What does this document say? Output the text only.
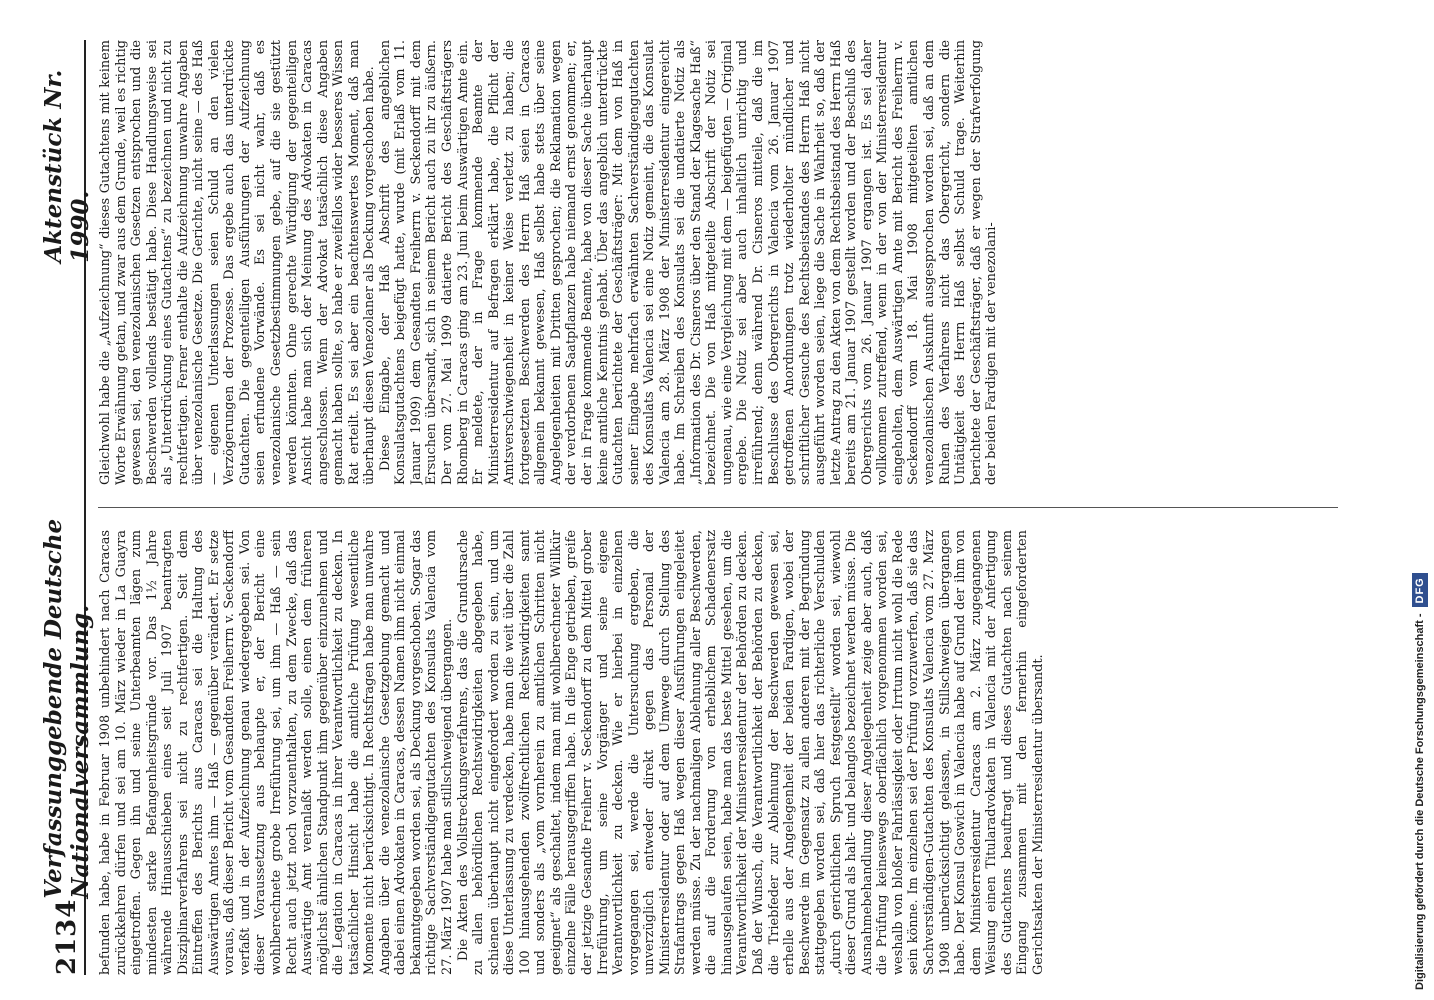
2134
Verfassunggebende Deutsche Nationalversammlung.
Aktenstück Nr. 1990.

befunden habe, habe in Februar 1908 unbehindert nach Caracas zurückkehren dürfen und sei am 10. März wieder in La Guayra eingetroffen. Gegen ihn und seine Unterbeamten lägen zum mindesten starke Befangenheitsgründe vor. Das 1½ Jahre währende Hinausschieben eines seit Juli 1907 beantragten Disziplinarverfahrens sei nicht zu rechtfertigen. Seit dem Eintreffen des Berichts aus Caracas sei die Haltung des Auswärtigen Amtes ihm — Haß — gegenüber verändert. Er setze voraus, daß dieser Bericht vom Gesandten Freiherrn v. Seckendorff verfaßt und in der Aufzeichnung genau wiedergegeben sei. Von dieser Voraussetzung aus behaupte er, der Bericht eine wohlberechnete grobe Irreführung sei, um ihm — Haß — sein Recht auch jetzt noch vorzuenthalten, zu dem Zwecke, daß das Auswärtige Amt veranlaßt werden solle, einen dem früheren möglichst ähnlichen Standpunkt ihm gegenüber einzunehmen und die Legation in Caracas in ihrer Verantwortlichkeit zu decken. In tatsächlicher Hinsicht habe die amtliche Prüfung wesentliche Momente nicht berücksichtigt. In Rechtsfragen habe man unwahre Angaben über die venezolanische Gesetzgebung gemacht und dabei einen Advokaten in Caracas, dessen Namen ihm nicht einmal bekanntgegeben worden sei, als Deckung vorgeschoben. Sogar das richtige Sachverständigengutachten des Konsulats Valencia vom 27. März 1907 habe man stillschweigend übergangen. Die Akten des Vollstreckungsverfahrens, das die Grundursache zu allen behördlichen Rechtswidrigkeiten abgegeben habe, schienen überhaupt nicht eingefordert worden zu sein, und um diese Unterlassung zu verdecken, habe man die weit über die Zahl 100 hinausgehenden zwölfrechtlichen Rechtswidrigkeiten samt und sonders als „vom vornherein zu amtlichen Schritten nicht geeignet“ als geschaltet, indem man mit wohlberechneter Willkür einzelne Fälle herausgegriffen habe. In die Enge getrieben, greife der jetzige Gesandte Freiherr v. Seckendorff zu dem Mittel grober Irreführung, um seine Vorgänger und seine eigene Verantwortlichkeit zu decken. Wie er hierbei in einzelnen vorgegangen sei, werde die Untersuchung ergeben, die unverzüglich entweder direkt gegen das Personal der Ministerresidentur oder auf dem Umwege durch Stellung des Strafantrags gegen Haß wegen dieser Ausführungen eingeleitet werden müsse. Zu der nachmaligen Ablehnung aller Beschwerden, die auf die Forderung von erheblichem Schadenersatz hinausgelaufen seien, habe man das beste Mittel gesehen, um die Verantwortlichkeit der Ministerresidentur der Behörden zu decken. Daß der Wunsch, die Verantwortlichkeit der Behörden zu decken, die Triebfeder zur Ablehnung der Beschwerden gewesen sei, erhelle aus der Angelegenheit der beiden Fardigen, wobei der Beschwerde im Gegensatz zu allen anderen mit der Begründung stattgegeben worden sei, daß hier das richterliche Verschulden „durch gerichtlichen Spruch festgestellt“ worden sei, wiewohl dieser Grund als halt- und belanglos bezeichnet werden müsse. Die Ausnahmebehandlung dieser Angelegenheit zeige aber auch, daß die Prüfung keineswegs oberflächlich vorgenommen worden sei, weshalb von bloßer Fahrlässigkeit oder Irrtum nicht wohl die Rede sein könne. Im einzelnen sei der Prüfung vorzuwerfen, daß sie das Sachverständigen-Gutachten des Konsulats Valencia vom 27. März 1908 unberücksichtigt gelassen, in Stillschweigen übergangen habe. Der Konsul Goswich in Valencia habe auf Grund der ihm von dem Ministerresidentur Caracas am 2. März zugegangenen Weisung einen Titularadvokaten in Valencia mit der Anfertigung des Gutachtens beauftragt und dieses Gutachten nach seinem Eingang zusammen mit den fernerhin eingeforderten Gerichtsakten der Ministerresidentur übersandt.

Gleichwohl habe die „Aufzeichnung“ dieses Gutachtens mit keinem Worte Erwähnung getan, und zwar aus dem Grunde, weil es richtig gewesen sei, den venezolanischen Gesetzen entsprochen und die Beschwerden vollends bestätigt habe. Diese Handlungsweise sei als „Unterdrückung eines Gutachtens“ zu bezeichnen und nicht zu rechtfertigen. Ferner enthalte die Aufzeichnung unwahre Angaben über venezolanische Gesetze. Die Gerichte, nicht seine — des Haß — eigenen Unterlassungen seien Schuld an den vielen Verzögerungen der Prozesse. Das ergebe auch das unterdrückte Gutachten. Die gegenteiligen Ausführungen der Aufzeichnung seien erfundene Vorwände. Es sei nicht wahr, daß es venezolanische Gesetzbestimmungen gebe, auf die sie gestützt werden könnten. Ohne gerechte Würdigung der gegenteiligen Ansicht habe man sich der Meinung des Advokaten in Caracas angeschlossen. Wenn der Advokat tatsächlich diese Angaben gemacht haben sollte, so habe er zweifellos wider besseres Wissen Rat erteilt. Es sei aber ein beachtenswertes Moment, daß man überhaupt diesen Venezolaner als Deckung vorgeschoben habe. Diese Eingabe, der Haß Abschrift des angeblichen Konsulatsgutachtens beigefügt hatte, wurde (mit Erlaß vom 11. Januar 1909) dem Gesandten Freiherrn v. Seckendorff mit dem Ersuchen übersandt, sich in seinem Bericht auch zu ihr zu äußern. Der vom 27. Mai 1909 datierte Bericht des Geschäftsträgers Rhomberg in Caracas ging am 23. Juni beim Auswärtigen Amte ein. Er meldete, der in Frage kommende Beamte der Ministerresidentur auf Befragen erklärt habe, die Pflicht der Amtsverschwiegenheit in keiner Weise verletzt zu haben; die fortgesetzten Beschwerden des Herrn Haß seien in Caracas allgemein bekannt gewesen, Haß selbst habe stets über seine Angelegenheiten mit Dritten gesprochen; die Reklamation wegen der verdorbenen Saatpflanzen habe niemand ernst genommen; er, der in Frage kommende Beamte, habe von dieser Sache überhaupt keine amtliche Kenntnis gehabt. Über das angeblich unterdrückte Gutachten berichtete der Geschäftsträger: Mit dem von Haß in seiner Eingabe mehrfach erwähnten Sachverständigengutachten des Konsulats Valencia sei eine Notiz gemeint, die das Konsulat Valencia am 28. März 1908 der Ministerresidentur eingereicht habe. Im Schreiben des Konsulats sei die undatierte Notiz als „Information des Dr. Cisneros über den Stand der Klagesache Haß“ bezeichnet. Die von Haß mitgeteilte Abschrift der Notiz sei ungenau, wie eine Vergleichung mit dem — beigefügten — Original ergebe. Die Notiz sei aber auch inhaltlich unrichtig und irreführend; denn während Dr. Cisneros mitteile, daß die im Beschlusse des Obergerichts in Valencia vom 26. Januar 1907 getroffenen Anordnungen trotz wiederholter mündlicher und schriftlicher Gesuche des Rechtsbeistandes des Herrn Haß nicht ausgeführt worden seien, liege die Sache in Wahrheit so, daß der letzte Antrag zu den Akten von dem Rechtsbeistand des Herrn Haß bereits am 21. Januar 1907 gestellt worden und der Beschluß des Obergerichts vom 26. Januar 1907 ergangen ist. Es sei daher vollkommen zutreffend, wenn in der von der Ministerresidentur eingeholten, dem Auswärtigen Amte mit Bericht des Freiherrn v. Seckendorff vom 18. Mai 1908 mitgeteilten amtlichen venezolanischen Auskunft ausgesprochen worden sei, daß an dem Ruhen des Verfahrens nicht das Obergericht, sondern die Untätigkeit des Herrn Haß selbst Schuld trage. Weiterhin berichtete der Geschäftsträger, daß er wegen der Strafverfolgung der beiden Fardigen mit der venezolani-

Digitalisierung gefördert durch die Deutsche Forschungsgemeinschaft -
DFG
